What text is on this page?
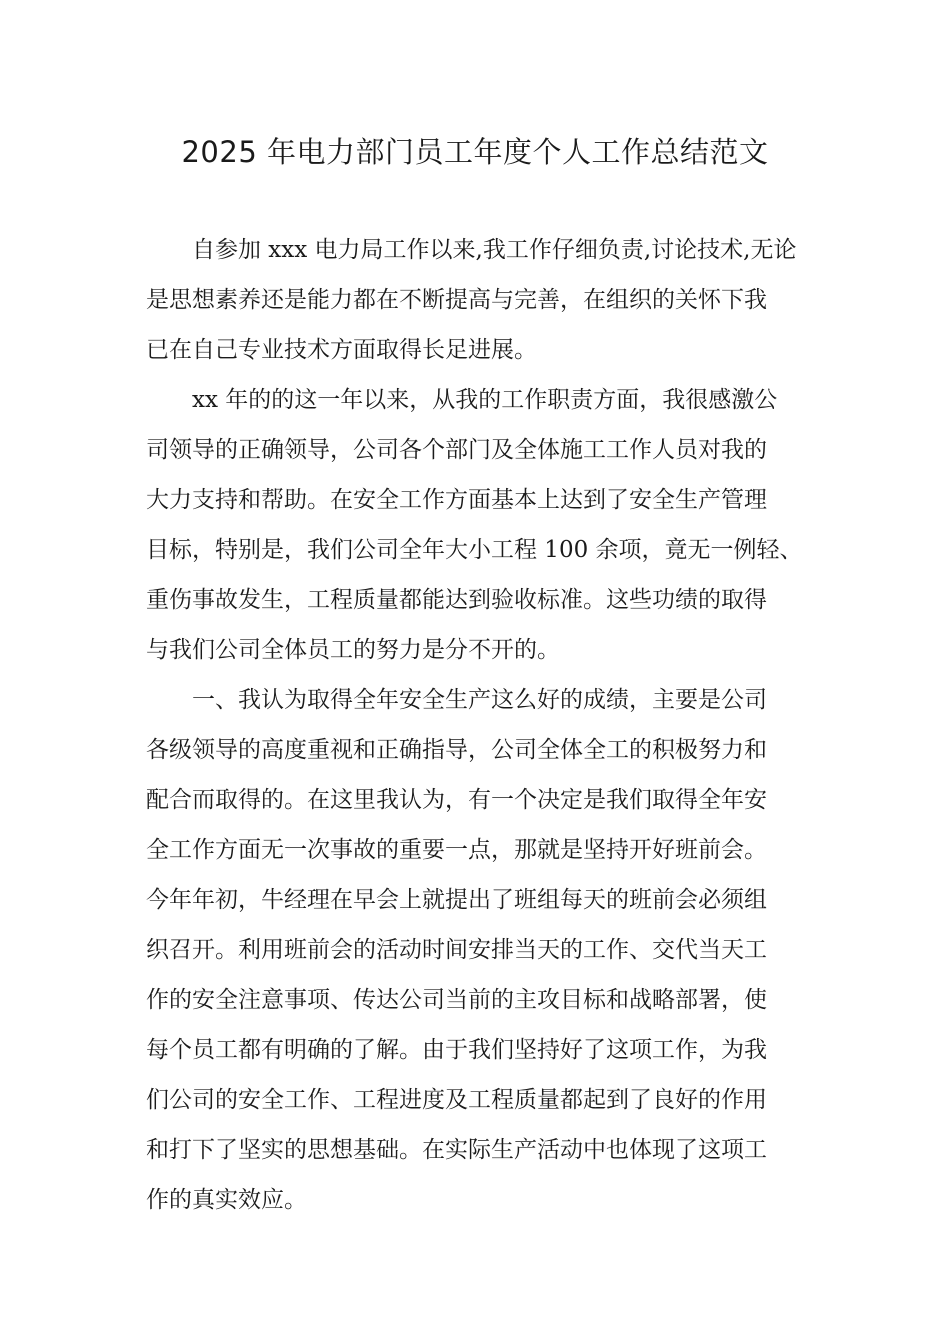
2025 年电力部门员工年度个人工作总结范文

自参加 xxx 电力局工作以来,我工作仔细负责,讨论技术,无论
是思想素养还是能力都在不断提高与完善，在组织的关怀下我
已在自己专业技术方面取得长足进展。

xx 年的的这一年以来，从我的工作职责方面，我很感激公
司领导的正确领导，公司各个部门及全体施工工作人员对我的
大力支持和帮助。在安全工作方面基本上达到了安全生产管理
目标，特别是，我们公司全年大小工程 100 余项，竟无一例轻、
重伤事故发生，工程质量都能达到验收标准。这些功绩的取得
与我们公司全体员工的努力是分不开的。

一、我认为取得全年安全生产这么好的成绩，主要是公司
各级领导的高度重视和正确指导，公司全体全工的积极努力和
配合而取得的。在这里我认为，有一个决定是我们取得全年安
全工作方面无一次事故的重要一点，那就是坚持开好班前会。
今年年初，牛经理在早会上就提出了班组每天的班前会必须组
织召开。利用班前会的活动时间安排当天的工作、交代当天工
作的安全注意事项、传达公司当前的主攻目标和战略部署，使
每个员工都有明确的了解。由于我们坚持好了这项工作，为我
们公司的安全工作、工程进度及工程质量都起到了良好的作用
和打下了坚实的思想基础。在实际生产活动中也体现了这项工
作的真实效应。
